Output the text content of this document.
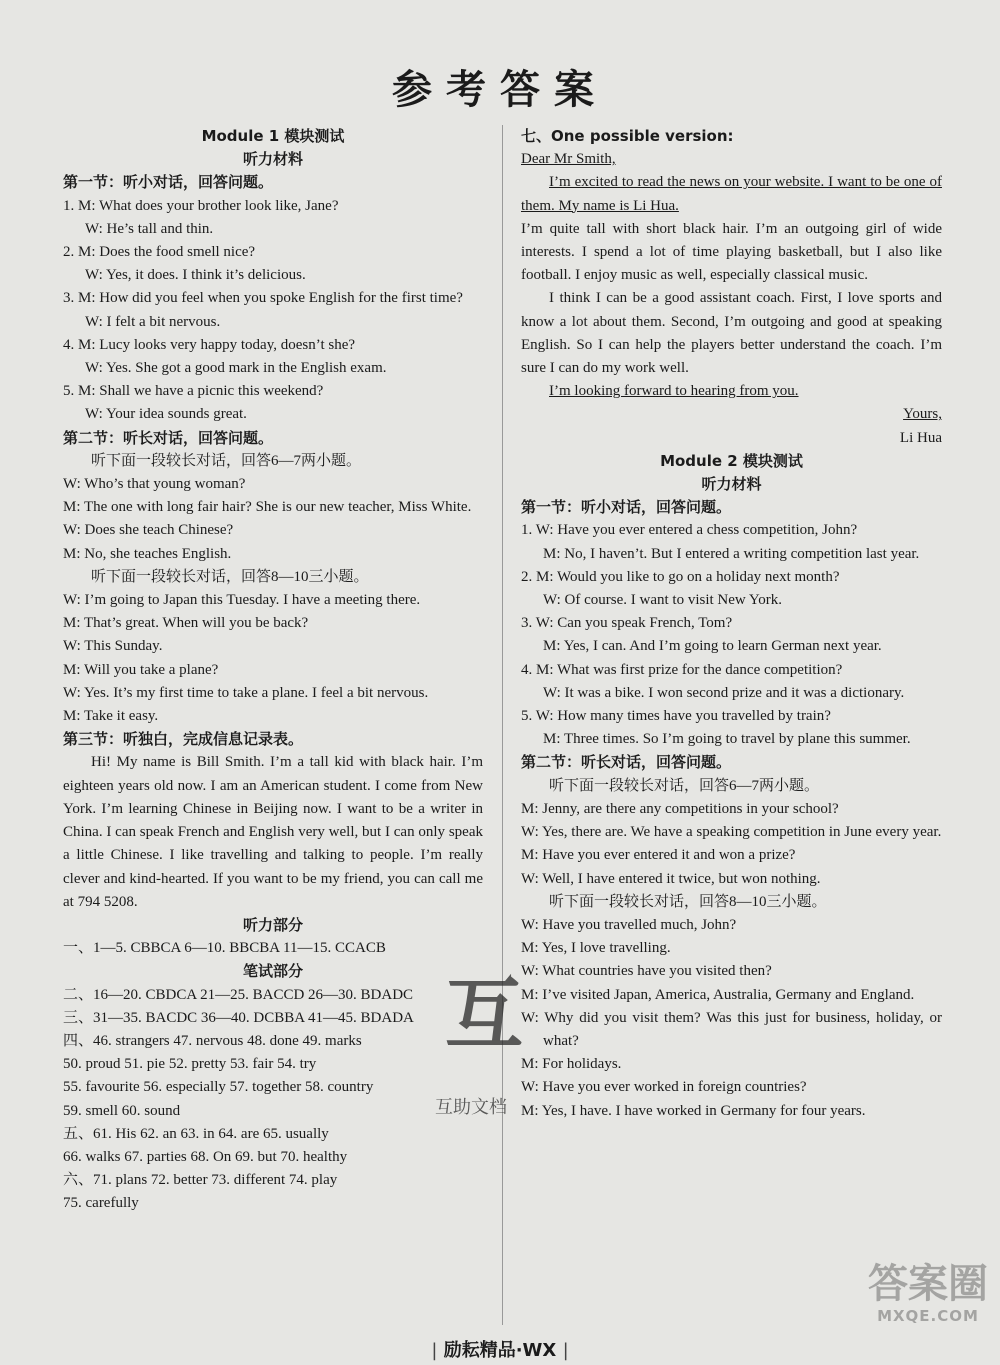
参考答案
Module 1 模块测试
听力材料
第一节：听小对话，回答问题。
1. M: What does your brother look like, Jane?
W: He’s tall and thin.
2. M: Does the food smell nice?
W: Yes, it does. I think it’s delicious.
3. M: How did you feel when you spoke English for the first time?
W: I felt a bit nervous.
4. M: Lucy looks very happy today, doesn’t she?
W: Yes. She got a good mark in the English exam.
5. M: Shall we have a picnic this weekend?
W: Your idea sounds great.
第二节：听长对话，回答问题。
听下面一段较长对话，回答6—7两小题。
W: Who’s that young woman?
M: The one with long fair hair? She is our new teacher, Miss White.
W: Does she teach Chinese?
M: No, she teaches English.
听下面一段较长对话，回答8—10三小题。
W: I’m going to Japan this Tuesday. I have a meeting there.
M: That’s great. When will you be back?
W: This Sunday.
M: Will you take a plane?
W: Yes. It’s my first time to take a plane. I feel a bit nervous.
M: Take it easy.
第三节：听独白，完成信息记录表。
Hi! My name is Bill Smith. I’m a tall kid with black hair. I’m eighteen years old now. I am an American student. I come from New York. I’m learning Chinese in Beijing now. I want to be a writer in China. I can speak French and English very well, but I can only speak a little Chinese. I like travelling and talking to people. I’m really clever and kind-hearted. If you want to be my friend, you can call me at 794 5208.
听力部分
一、1—5. CBBCA 6—10. BBCBA 11—15. CCACB
笔试部分
二、16—20. CBDCA 21—25. BACCD 26—30. BDADC
三、31—35. BACDC 36—40. DCBBA 41—45. BDADA
四、46. strangers 47. nervous 48. done 49. marks
50. proud 51. pie 52. pretty 53. fair 54. try
55. favourite 56. especially 57. together 58. country
59. smell 60. sound
五、61. His 62. an 63. in 64. are 65. usually
66. walks 67. parties 68. On 69. but 70. healthy
六、71. plans 72. better 73. different 74. play
75. carefully
七、One possible version:
Dear Mr Smith,
I’m excited to read the news on your website. I want to be one of them. My name is Li Hua.
I’m quite tall with short black hair. I’m an outgoing girl of wide interests. I spend a lot of time playing basketball, but I also like football. I enjoy music as well, especially classical music.
I think I can be a good assistant coach. First, I love sports and know a lot about them. Second, I’m outgoing and good at speaking English. So I can help the players better understand the coach. I’m sure I can do my work well.
I’m looking forward to hearing from you.
Yours,
Li Hua
Module 2 模块测试
听力材料
第一节：听小对话，回答问题。
1. W: Have you ever entered a chess competition, John?
M: No, I haven’t. But I entered a writing competition last year.
2. M: Would you like to go on a holiday next month?
W: Of course. I want to visit New York.
3. W: Can you speak French, Tom?
M: Yes, I can. And I’m going to learn German next year.
4. M: What was first prize for the dance competition?
W: It was a bike. I won second prize and it was a dictionary.
5. W: How many times have you travelled by train?
M: Three times. So I’m going to travel by plane this summer.
第二节：听长对话，回答问题。
听下面一段较长对话，回答6—7两小题。
M: Jenny, are there any competitions in your school?
W: Yes, there are. We have a speaking competition in June every year.
M: Have you ever entered it and won a prize?
W: Well, I have entered it twice, but won nothing.
听下面一段较长对话，回答8—10三小题。
W: Have you travelled much, John?
M: Yes, I love travelling.
W: What countries have you visited then?
M: I’ve visited Japan, America, Australia, Germany and England.
W: Why did you visit them? Was this just for business, holiday, or what?
M: For holidays.
W: Have you ever worked in foreign countries?
M: Yes, I have. I have worked in Germany for four years.
互
互助文档
答案圈
MXQE.COM
| 励耘精品·WX |
